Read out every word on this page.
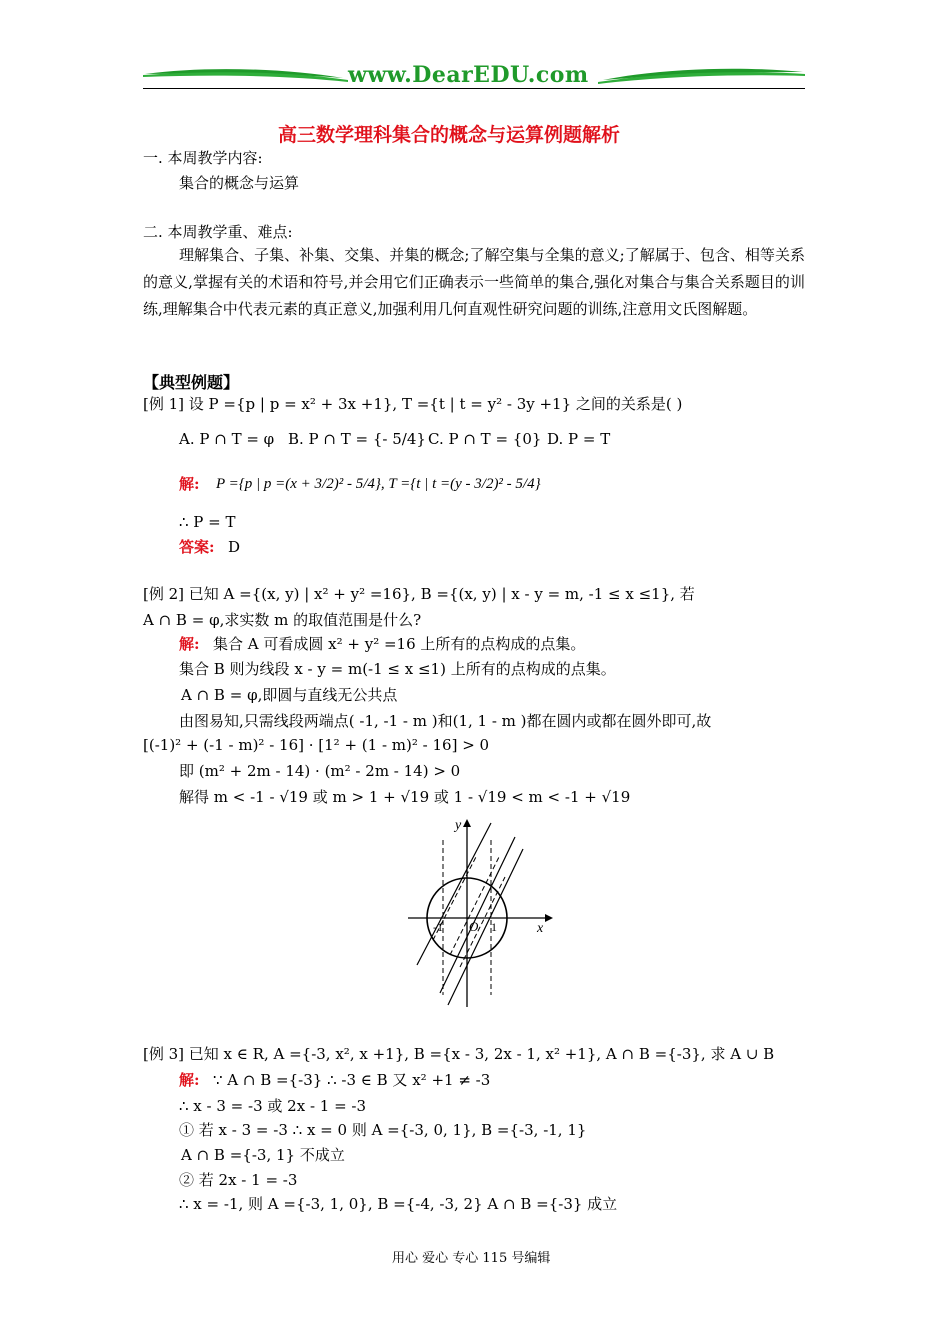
www.DearEDU.com
高三数学理科集合的概念与运算例题解析
一. 本周教学内容:
集合的概念与运算
二. 本周教学重、难点:
理解集合、子集、补集、交集、并集的概念;了解空集与全集的意义;了解属于、包含、相等关系的意义,掌握有关的术语和符号,并会用它们正确表示一些简单的集合,强化对集合与集合关系题目的训练,理解集合中代表元素的真正意义,加强利用几何直观性研究问题的训练,注意用文氏图解题。
【典型例题】
[例 1] 设 P ={p | p = x² + 3x +1}, T ={t | t = y² - 3y +1} 之间的关系是( )
A. P ∩ T = φ B. P ∩ T = {- 5/4} C. P ∩ T = {0} D. P = T
解: P ={p | p =(x + 3/2)² - 5/4}, T ={t | t =(y - 3/2)² - 5/4}
∴ P = T
答案: D
[例 2] 已知 A ={(x, y) | x² + y² =16}, B ={(x, y) | x - y = m, -1 ≤ x ≤1}, 若
A ∩ B = φ,求实数 m 的取值范围是什么?
解: 集合 A 可看成圆 x² + y² =16 上所有的点构成的点集。
集合 B 则为线段 x - y = m(-1 ≤ x ≤1) 上所有的点构成的点集。
A ∩ B = φ,即圆与直线无公共点
由图易知,只需线段两端点( -1, -1 - m )和(1, 1 - m )都在圆内或都在圆外即可,故
[(-1)² + (-1 - m)² - 16] · [1² + (1 - m)² - 16] > 0
即 (m² + 2m - 14) · (m² - 2m - 14) > 0
解得 m < -1 - √19 或 m > 1 + √19 或 1 - √19 < m < -1 + √19
y
x
O
-1	1
[例 3] 已知 x ∈ R, A ={-3, x², x +1}, B ={x - 3, 2x - 1, x² +1}, A ∩ B ={-3}, 求 A ∪ B
解: ∵ A ∩ B ={-3} ∴ -3 ∈ B 又 x² +1 ≠ -3
∴ x - 3 = -3 或 2x - 1 = -3
① 若 x - 3 = -3 ∴ x = 0 则 A ={-3, 0, 1}, B ={-3, -1, 1}
A ∩ B ={-3, 1} 不成立
② 若 2x - 1 = -3
∴ x = -1, 则 A ={-3, 1, 0}, B ={-4, -3, 2} A ∩ B ={-3} 成立
用心 爱心 专心 115 号编辑
